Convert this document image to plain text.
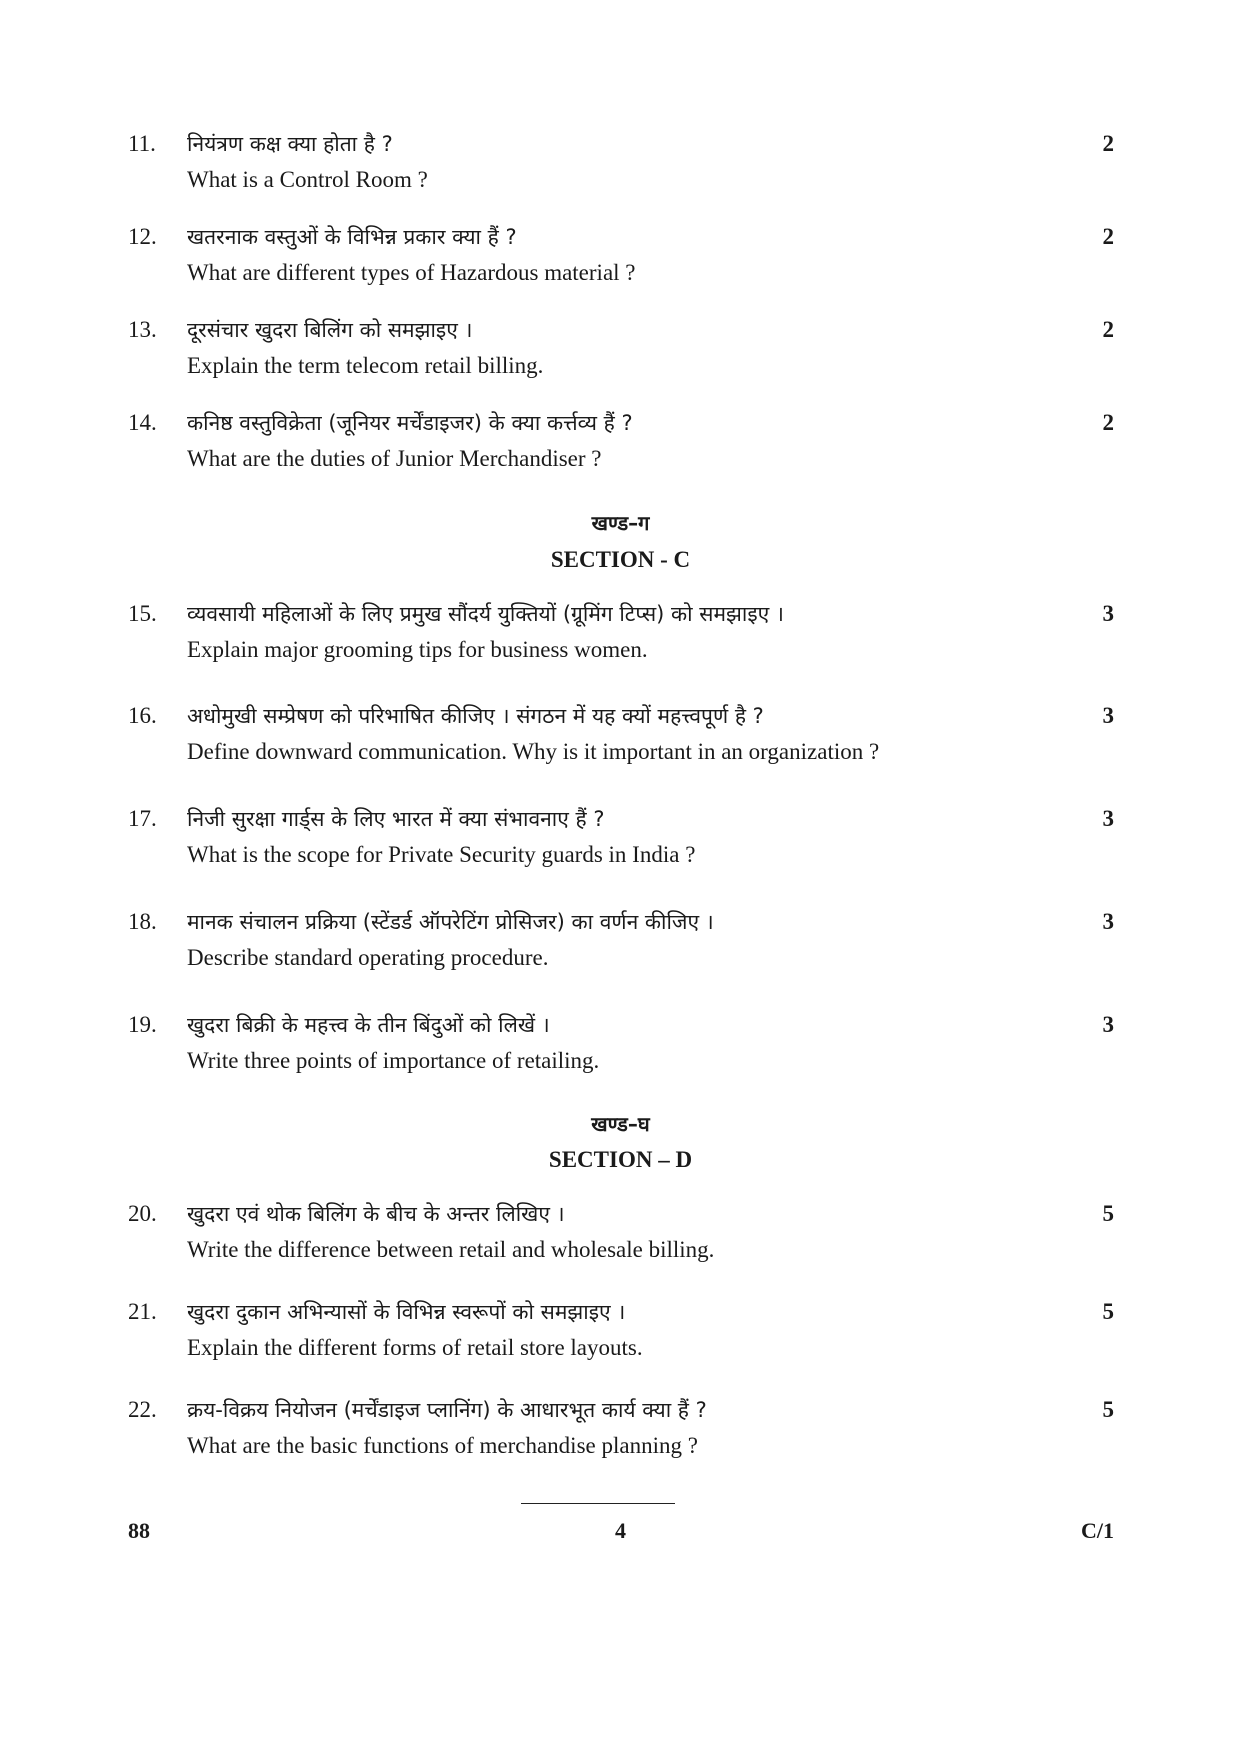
11. नियंत्रण कक्ष क्या होता है ?
What is a Control Room ?
2
12. खतरनाक वस्तुओं के विभिन्न प्रकार क्या हैं ?
What are different types of Hazardous material ?
2
13. दूरसंचार खुदरा बिलिंग को समझाइए ।
Explain the term telecom retail billing.
2
14. कनिष्ठ वस्तुविक्रेता (जूनियर मर्चेंडाइजर) के क्या कर्त्तव्य हैं ?
What are the duties of Junior Merchandiser ?
2
खण्ड–ग
SECTION - C
15. व्यवसायी महिलाओं के लिए प्रमुख सौंदर्य युक्तियों (ग्रूमिंग टिप्स) को समझाइए ।
Explain major grooming tips for business women.
3
16. अधोमुखी सम्प्रेषण को परिभाषित कीजिए । संगठन में यह क्यों महत्त्वपूर्ण है ?
Define downward communication. Why is it important in an organization ?
3
17. निजी सुरक्षा गार्ड्स के लिए भारत में क्या संभावनाए हैं ?
What is the scope for Private Security guards in India ?
3
18. मानक संचालन प्रक्रिया (स्टेंडर्ड ऑपरेटिंग प्रोसिजर) का वर्णन कीजिए ।
Describe standard operating procedure.
3
19. खुदरा बिक्री के महत्त्व के तीन बिंदुओं को लिखें ।
Write three points of importance of retailing.
3
खण्ड–घ
SECTION – D
20. खुदरा एवं थोक बिलिंग के बीच के अन्तर लिखिए ।
Write the difference between retail and wholesale billing.
5
21. खुदरा दुकान अभिन्यासों के विभिन्न स्वरूपों को समझाइए ।
Explain the different forms of retail store layouts.
5
22. क्रय-विक्रय नियोजन (मर्चेंडाइज प्लानिंग) के आधारभूत कार्य क्या हैं ?
What are the basic functions of merchandise planning ?
5
88	4	C/1
